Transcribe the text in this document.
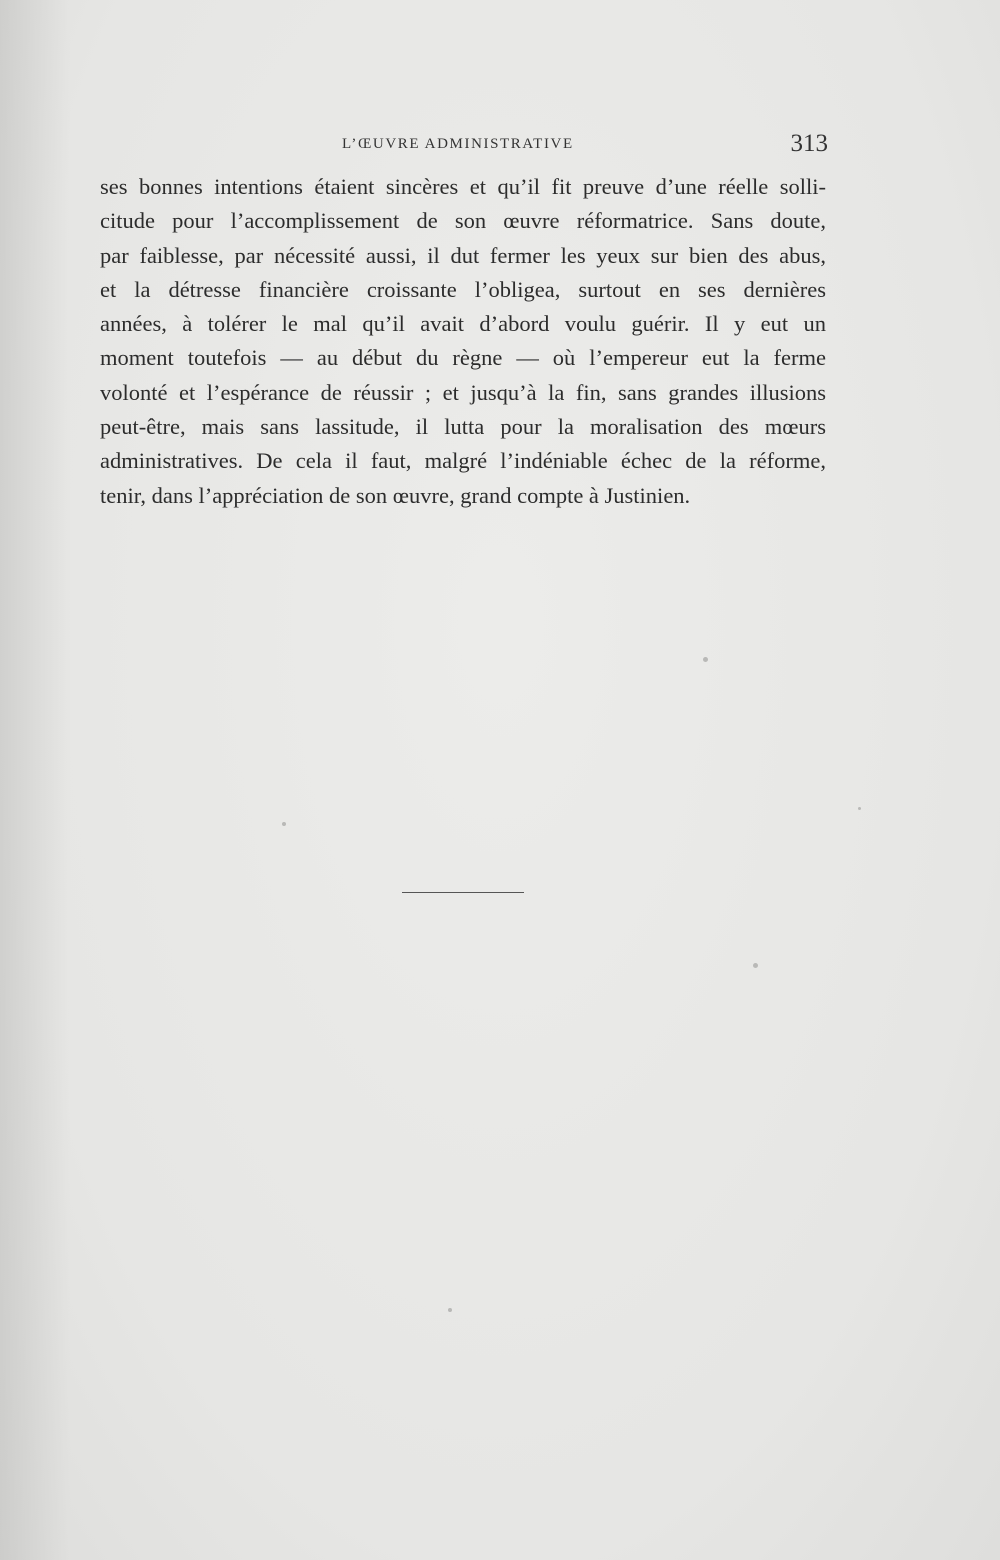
L’ŒUVRE ADMINISTRATIVE	313
ses bonnes intentions étaient sincères et qu’il fit preuve d’une réelle solli-
citude pour l’accomplissement de son œuvre réformatrice. Sans doute,
par faiblesse, par nécessité aussi, il dut fermer les yeux sur bien des abus,
et la détresse financière croissante l’obligea, surtout en ses dernières
années, à tolérer le mal qu’il avait d’abord voulu guérir. Il y eut un
moment toutefois — au début du règne — où l’empereur eut la ferme
volonté et l’espérance de réussir ; et jusqu’à la fin, sans grandes illusions
peut-être, mais sans lassitude, il lutta pour la moralisation des mœurs
administratives. De cela il faut, malgré l’indéniable échec de la réforme,
tenir, dans l’appréciation de son œuvre, grand compte à Justinien.
